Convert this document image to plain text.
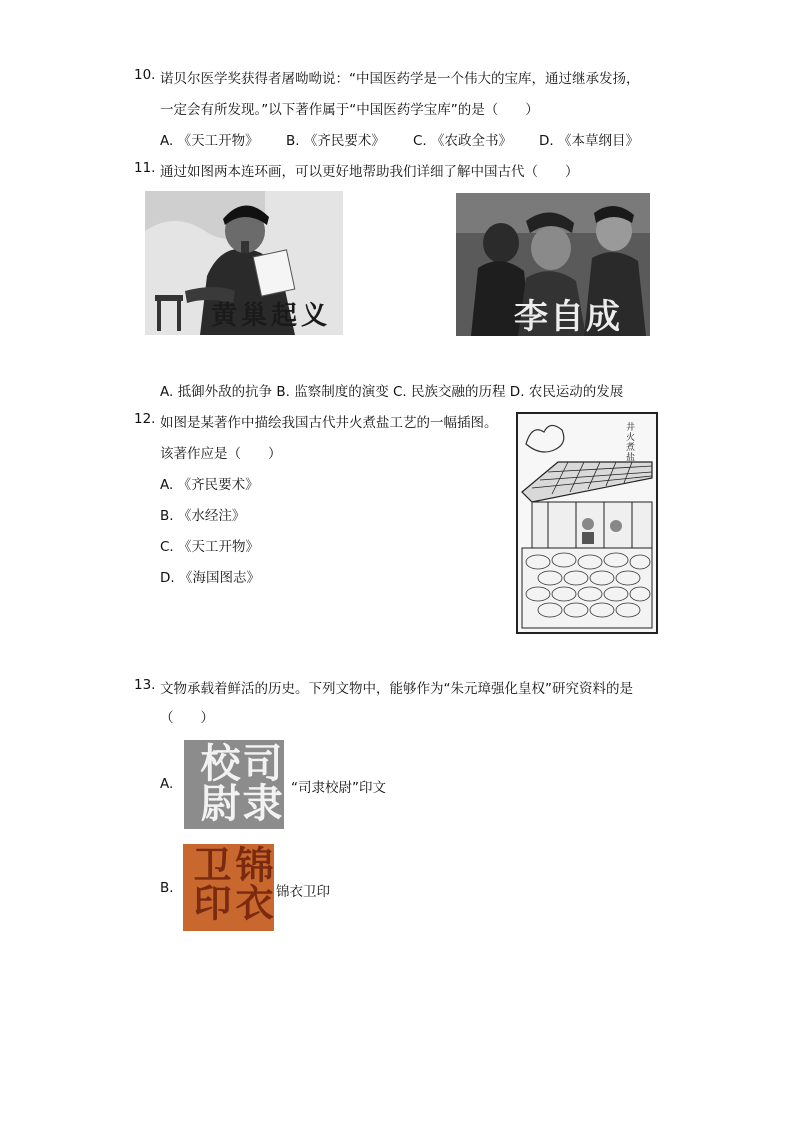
10. 诺贝尔医学奖获得者屠呦呦说：“中国医药学是一个伟大的宝库，通过继承发扬，
一定会有所发现。”以下著作属于“中国医药学宝库”的是（　　）
A. 《天工开物》 B. 《齐民要术》 C. 《农政全书》 D. 《本草纲目》
11. 通过如图两本连环画，可以更好地帮助我们详细了解中国古代（　　）
黄巢起义	李自成
A. 抵御外敌的抗争 B. 监察制度的演变 C. 民族交融的历程 D. 农民运动的发展
12. 如图是某著作中描绘我国古代井火煮盐工艺的一幅插图。
该著作应是（　　）
A. 《齐民要术》
B. 《水经注》
C. 《天工开物》
D. 《海国图志》
井火煮盐
13. 文物承载着鲜活的历史。下列文物中，能够作为“朱元璋强化皇权”研究资料的是
（　　）
A.	司隶校尉	“司隶校尉”印文
B.	锦衣卫印	锦衣卫印
